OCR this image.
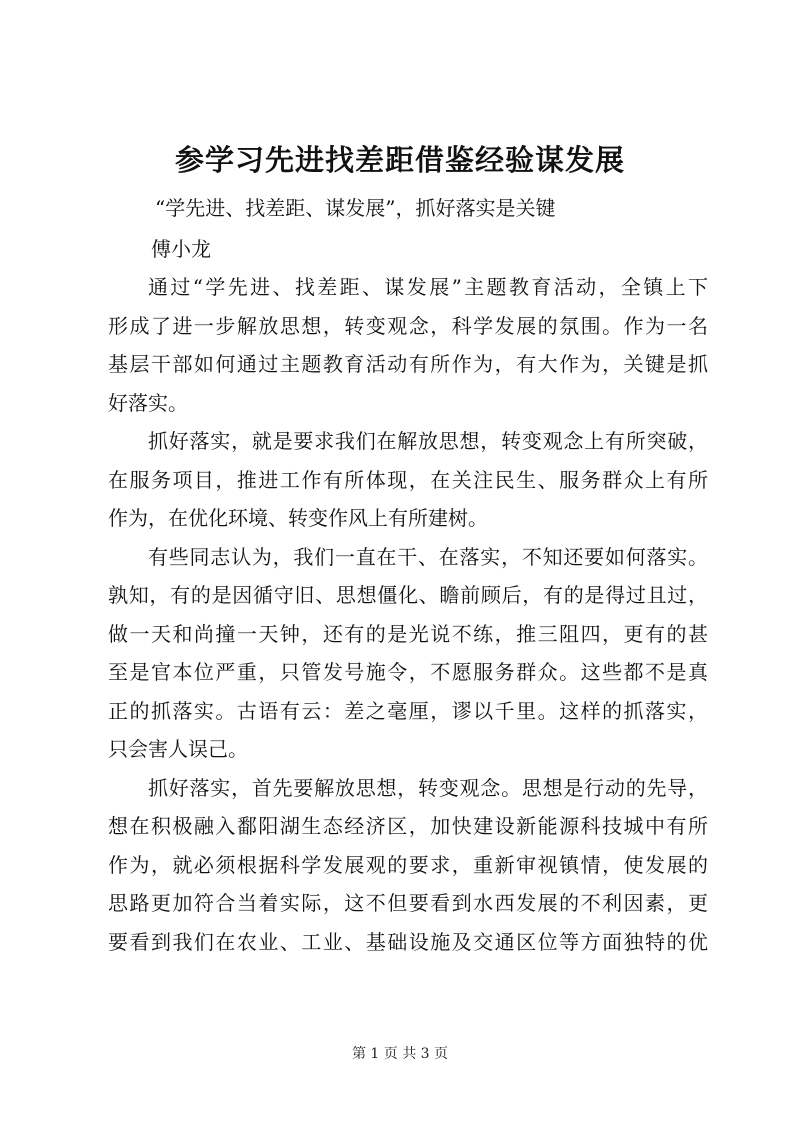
参学习先进找差距借鉴经验谋发展
“学先进、找差距、谋发展”，抓好落实是关键
傅小龙
通过“学先进、找差距、谋发展”主题教育活动，全镇上下
形成了进一步解放思想，转变观念，科学发展的氛围。作为一名
基层干部如何通过主题教育活动有所作为，有大作为，关键是抓
好落实。
抓好落实，就是要求我们在解放思想，转变观念上有所突破，
在服务项目，推进工作有所体现，在关注民生、服务群众上有所
作为，在优化环境、转变作风上有所建树。
有些同志认为，我们一直在干、在落实，不知还要如何落实。
孰知，有的是因循守旧、思想僵化、瞻前顾后，有的是得过且过，
做一天和尚撞一天钟，还有的是光说不练，推三阻四，更有的甚
至是官本位严重，只管发号施令，不愿服务群众。这些都不是真
正的抓落实。古语有云：差之毫厘，谬以千里。这样的抓落实，
只会害人误己。
抓好落实，首先要解放思想，转变观念。思想是行动的先导，
想在积极融入鄱阳湖生态经济区，加快建设新能源科技城中有所
作为，就必须根据科学发展观的要求，重新审视镇情，使发展的
思路更加符合当着实际，这不但要看到水西发展的不利因素，更
要看到我们在农业、工业、基础设施及交通区位等方面独特的优
第 1 页 共 3 页
